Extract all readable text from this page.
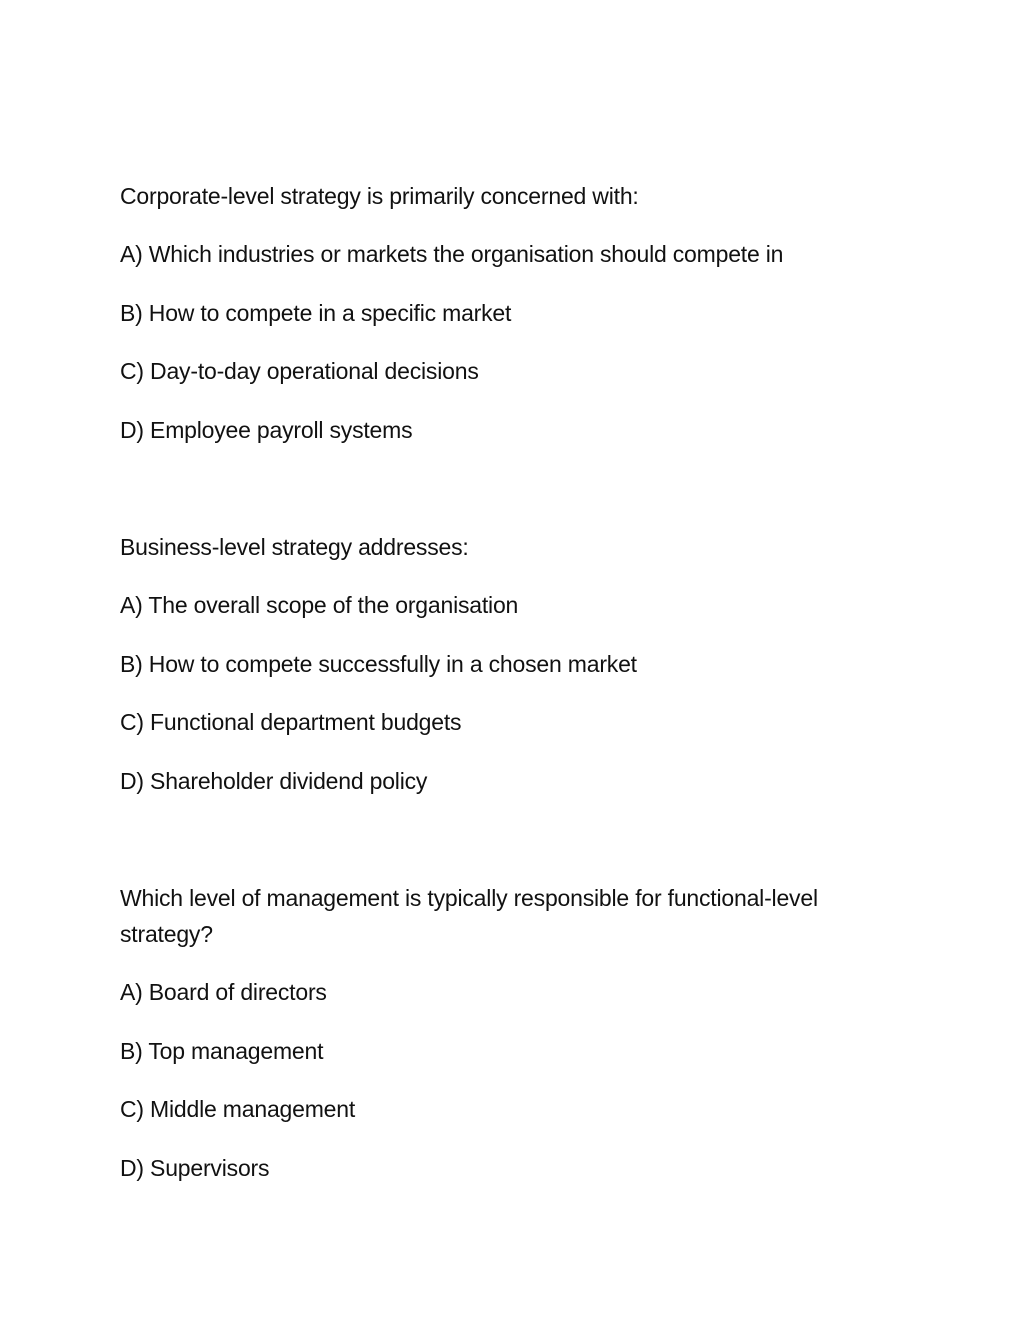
Corporate-level strategy is primarily concerned with:

A) Which industries or markets the organisation should compete in
B) How to compete in a specific market
C) Day-to-day operational decisions
D) Employee payroll systems

Business-level strategy addresses:

A) The overall scope of the organisation
B) How to compete successfully in a chosen market
C) Functional department budgets
D) Shareholder dividend policy

Which level of management is typically responsible for functional-level strategy?

A) Board of directors
B) Top management
C) Middle management
D) Supervisors
